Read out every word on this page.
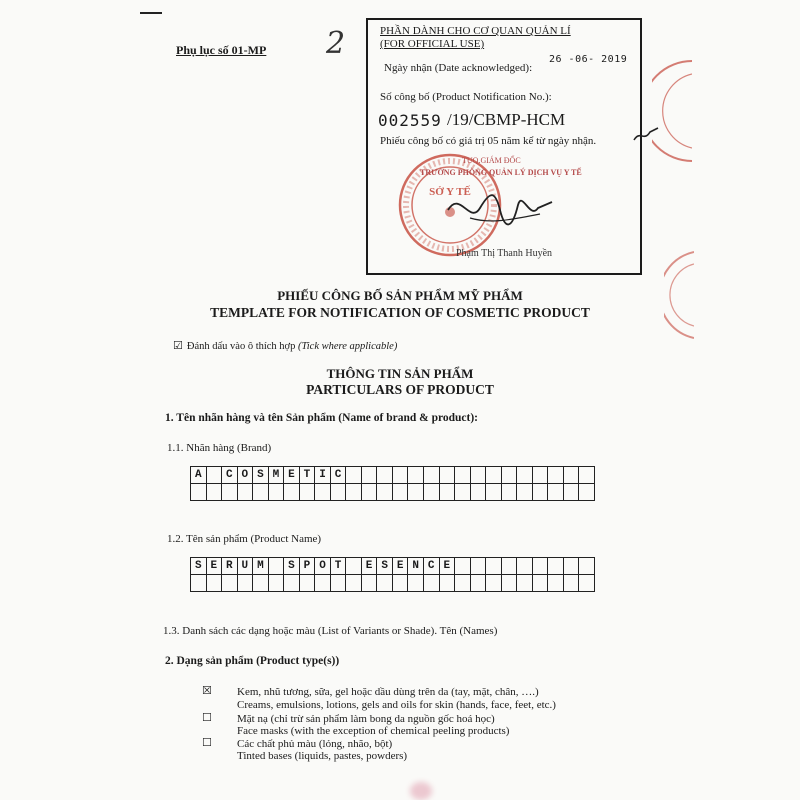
Phụ lục số 01-MP 2	PHẦN DÀNH CHO CƠ QUAN QUẢN LÍ
(FOR OFFICIAL USE)
Ngày nhận (Date acknowledged):
26 -06- 2019
Số công bố (Product Notification No.):
002559 /19/CBMP-HCM
Phiếu công bố có giá trị 05 năm kể từ ngày nhận.
SỞ Y TẾ
TUQ.GIÁM ĐỐC
TRƯỞNG PHÒNG QUẢN LÝ DỊCH VỤ Y TẾ
Phạm Thị Thanh Huyền
PHIẾU CÔNG BỐ SẢN PHẨM MỸ PHẨM
TEMPLATE FOR NOTIFICATION OF COSMETIC PRODUCT
☑ Đánh dấu vào ô thích hợp (Tick where applicable)
THÔNG TIN SẢN PHẨM
PARTICULARS OF PRODUCT
1. Tên nhãn hàng và tên Sản phẩm (Name of brand & product):
1.1. Nhãn hàng (Brand)
A	C O S M E T I C
1.2. Tên sản phẩm (Product Name)
S E R U M	S P O T	E S E N C E
1.3. Danh sách các dạng hoặc màu (List of Variants or Shade). Tên (Names)
2. Dạng sản phẩm (Product type(s))
☒ Kem, nhũ tương, sữa, gel hoặc dầu dùng trên da (tay, mặt, chân, ….)
Creams, emulsions, lotions, gels and oils for skin (hands, face, feet, etc.)
☐ Mặt nạ (chỉ trừ sản phẩm làm bong da nguồn gốc hoá học)
Face masks (with the exception of chemical peeling products)
☐ Các chất phủ màu (lỏng, nhão, bột)
Tinted bases (liquids, pastes, powders)
